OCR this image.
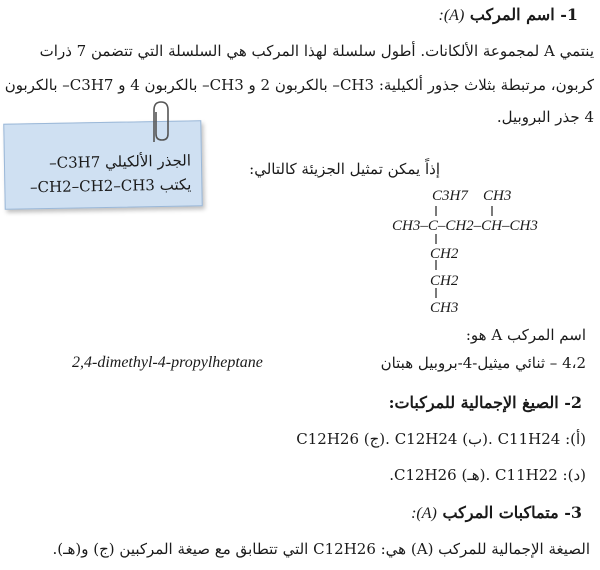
1- اسم المركب (A):
ينتمي A لمجموعة الألكانات. أطول سلسلة لهذا المركب هي السلسلة التي تتضمن 7 ذرات
كربون، مرتبطة بثلاث جذور ألكيلية: CH3– بالكربون 2 و CH3– بالكربون 4 و C3H7– بالكربون
4 جذر البروبيل.
الجذر الألكيلي C3H7–
يكتب CH2–CH2–CH3–
إذاً يمكن تمثيل الجزيئة كالتالي:
C3H7 CH3
CH3–C–CH2–CH–CH3
CH2
CH2
CH3
اسم المركب A هو:
4،2 – ثنائي ميثيل-4-بروبيل هبتان
2,4-dimethyl-4-propylheptane
2- الصيغ الإجمالية للمركبات:
(أ): C11H24 .(ب) C12H24 .(ج) C12H26
(د): C11H22 .(هـ) C12H26.
3- متماكبات المركب (A):
الصيغة الإجمالية للمركب (A) هي: C12H26 التي تتطابق مع صيغة المركبين (ج) و(هـ).
